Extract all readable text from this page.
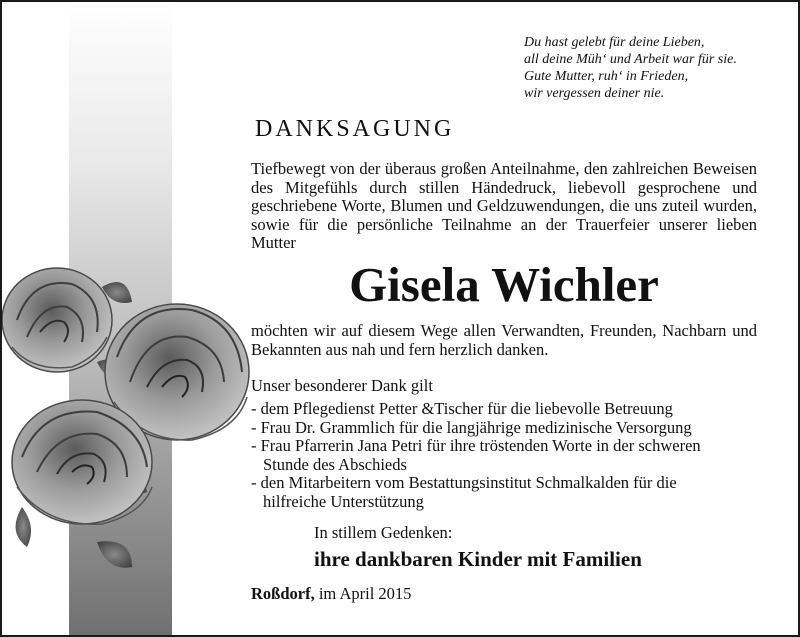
Du hast gelebt für deine Lieben,
all deine Müh‘ und Arbeit war für sie.
Gute Mutter, ruh‘ in Frieden,
wir vergessen deiner nie.
DANKSAGUNG
Tiefbewegt von der überaus großen Anteilnahme, den zahlreichen Beweisen des Mitgefühls durch stillen Händedruck, liebevoll gesprochene und geschriebene Worte, Blumen und Geldzuwendungen, die uns zuteil wurden, sowie für die persönliche Teilnahme an der Trauerfeier unserer lieben Mutter
Gisela Wichler
möchten wir auf diesem Wege allen Verwandten, Freunden, Nachbarn und Bekannten aus nah und fern herzlich danken.
Unser besonderer Dank gilt
- dem Pflegedienst Petter &Tischer für die liebevolle Betreuung
- Frau Dr. Grammlich für die langjährige medizinische Versorgung
- Frau Pfarrerin Jana Petri für ihre tröstenden Worte in der schweren
Stunde des Abschieds
- den Mitarbeitern vom Bestattungsinstitut Schmalkalden für die
hilfreiche Unterstützung
In stillem Gedenken:
ihre dankbaren Kinder mit Familien
Roßdorf, im April 2015
